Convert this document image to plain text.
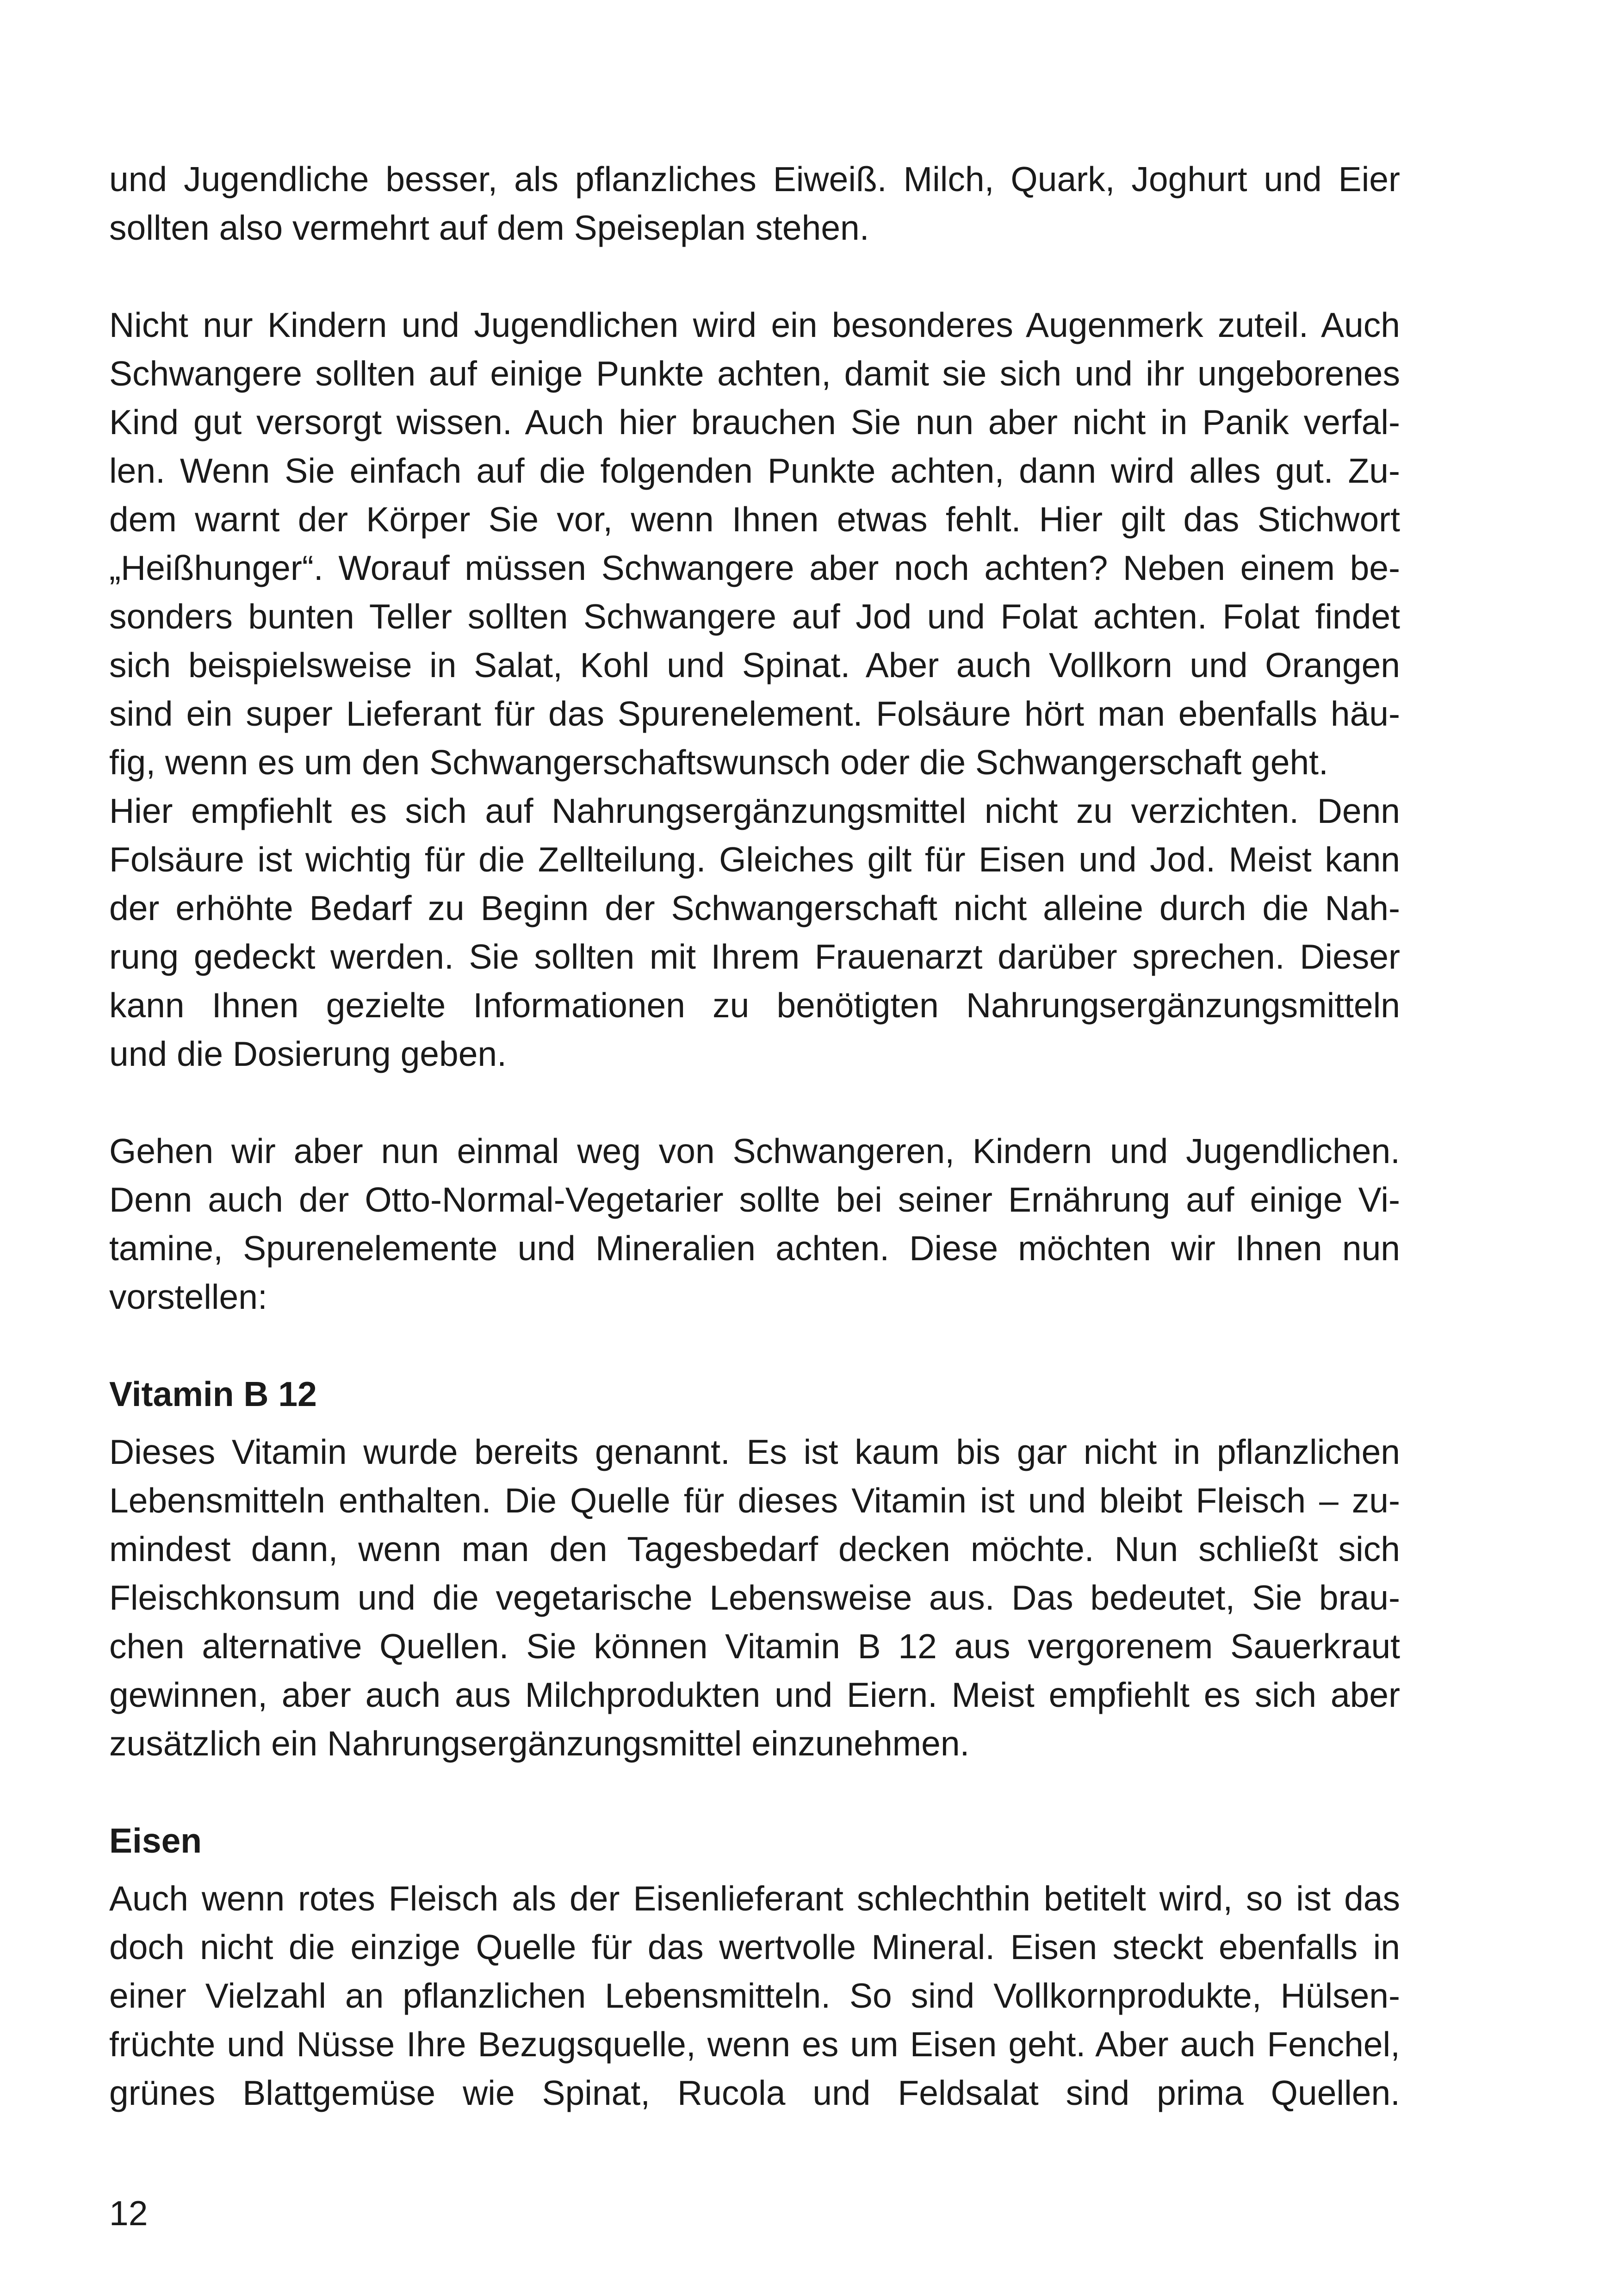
und Jugendliche besser, als pflanzliches Eiweiß. Milch, Quark, Joghurt und Eier
sollten also vermehrt auf dem Speiseplan stehen.
Nicht nur Kindern und Jugendlichen wird ein besonderes Augenmerk zuteil. Auch
Schwangere sollten auf einige Punkte achten, damit sie sich und ihr ungeborenes
Kind gut versorgt wissen. Auch hier brauchen Sie nun aber nicht in Panik verfal-
len. Wenn Sie einfach auf die folgenden Punkte achten, dann wird alles gut. Zu-
dem warnt der Körper Sie vor, wenn Ihnen etwas fehlt. Hier gilt das Stichwort
„Heißhunger“. Worauf müssen Schwangere aber noch achten? Neben einem be-
sonders bunten Teller sollten Schwangere auf Jod und Folat achten. Folat findet
sich beispielsweise in Salat, Kohl und Spinat. Aber auch Vollkorn und Orangen
sind ein super Lieferant für das Spurenelement. Folsäure hört man ebenfalls häu-
fig, wenn es um den Schwangerschaftswunsch oder die Schwangerschaft geht.
Hier empfiehlt es sich auf Nahrungsergänzungsmittel nicht zu verzichten. Denn
Folsäure ist wichtig für die Zellteilung. Gleiches gilt für Eisen und Jod. Meist kann
der erhöhte Bedarf zu Beginn der Schwangerschaft nicht alleine durch die Nah-
rung gedeckt werden. Sie sollten mit Ihrem Frauenarzt darüber sprechen. Dieser
kann Ihnen gezielte Informationen zu benötigten Nahrungsergänzungsmitteln
und die Dosierung geben.
Gehen wir aber nun einmal weg von Schwangeren, Kindern und Jugendlichen.
Denn auch der Otto-Normal-Vegetarier sollte bei seiner Ernährung auf einige Vi-
tamine, Spurenelemente und Mineralien achten. Diese möchten wir Ihnen nun
vorstellen:
Vitamin B 12
Dieses Vitamin wurde bereits genannt. Es ist kaum bis gar nicht in pflanzlichen
Lebensmitteln enthalten. Die Quelle für dieses Vitamin ist und bleibt Fleisch – zu-
mindest dann, wenn man den Tagesbedarf decken möchte. Nun schließt sich
Fleischkonsum und die vegetarische Lebensweise aus. Das bedeutet, Sie brau-
chen alternative Quellen. Sie können Vitamin B 12 aus vergorenem Sauerkraut
gewinnen, aber auch aus Milchprodukten und Eiern. Meist empfiehlt es sich aber
zusätzlich ein Nahrungsergänzungsmittel einzunehmen.
Eisen
Auch wenn rotes Fleisch als der Eisenlieferant schlechthin betitelt wird, so ist das
doch nicht die einzige Quelle für das wertvolle Mineral. Eisen steckt ebenfalls in
einer Vielzahl an pflanzlichen Lebensmitteln. So sind Vollkornprodukte, Hülsen-
früchte und Nüsse Ihre Bezugsquelle, wenn es um Eisen geht. Aber auch Fenchel,
grünes Blattgemüse wie Spinat, Rucola und Feldsalat sind prima Quellen.
12
